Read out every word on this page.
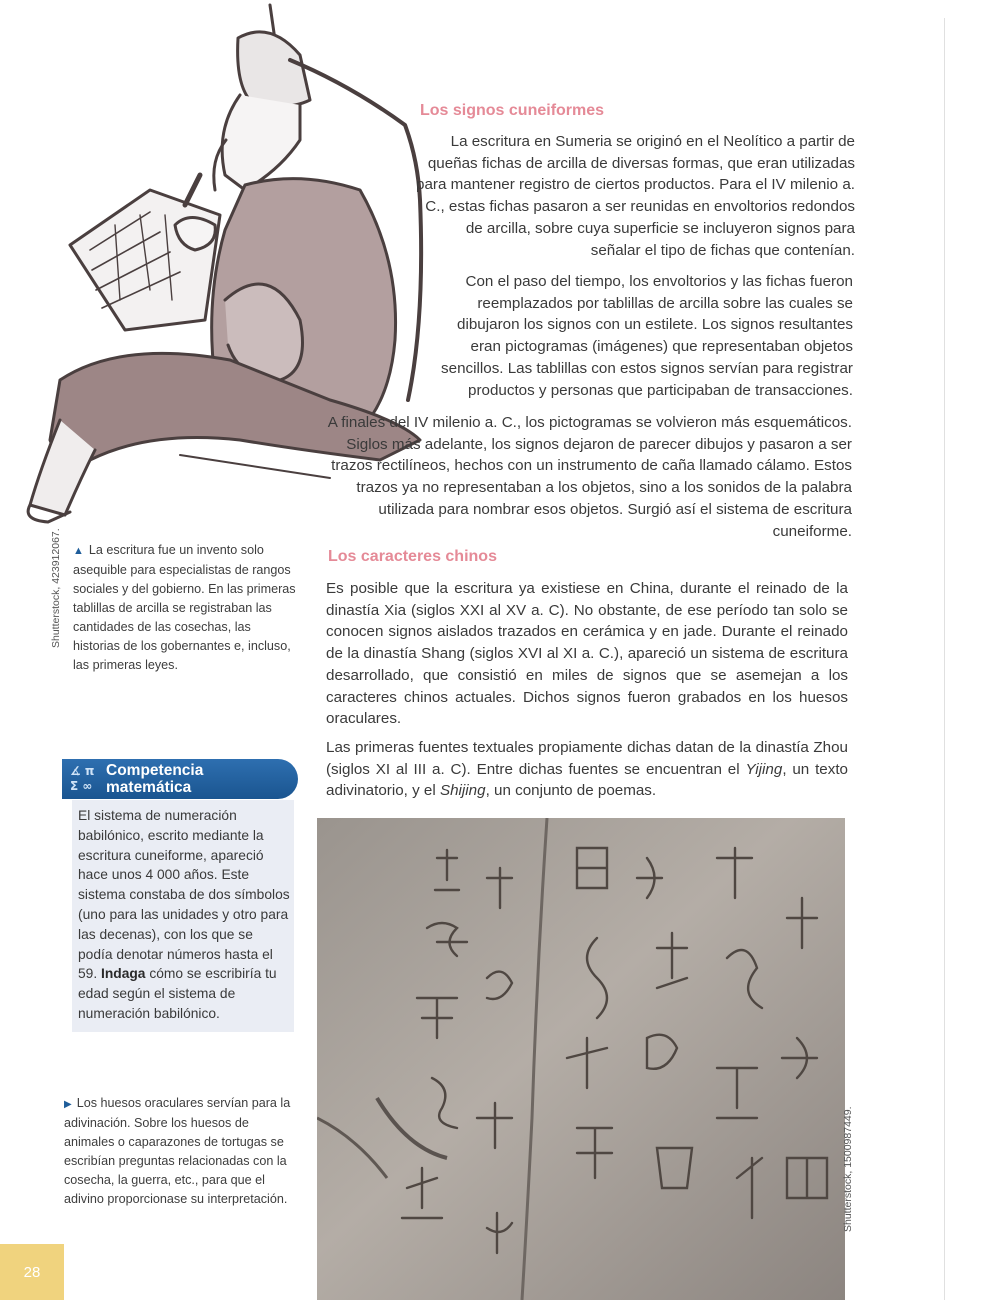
Los signos cuneiformes

La escritura en Sumeria se originó en el Neolítico a partir de queñas fichas de arcilla de diversas formas, que eran utilizadas para mantener registro de ciertos productos. Para el IV milenio a. C., estas fichas pasaron a ser reunidas en envoltorios redondos de arcilla, sobre cuya superficie se incluyeron signos para señalar el tipo de fichas que contenían.

Con el paso del tiempo, los envoltorios y las fichas fueron reemplazados por tablillas de arcilla sobre las cuales se dibujaron los signos con un estilete. Los signos resultantes eran pictogramas (imágenes) que representaban objetos sencillos. Las tablillas con estos signos servían para registrar productos y personas que participaban de transacciones.

A finales del IV milenio a. C., los pictogramas se volvieron más esquemáticos. Siglos más adelante, los signos dejaron de parecer dibujos y pasaron a ser trazos rectilíneos, hechos con un instrumento de caña llamado cálamo. Estos trazos ya no representaban a los objetos, sino a los sonidos de la palabra utilizada para nombrar esos objetos. Surgió así el sistema de escritura cuneiforme.

Los caracteres chinos

Es posible que la escritura ya existiese en China, durante el reinado de la dinastía Xia (siglos XXI al XV a. C). No obstante, de ese período tan solo se conocen signos aislados trazados en cerámica y en jade. Durante el reinado de la dinastía Shang (siglos XVI al XI a. C.), apareció un sistema de escritura desarrollado, que consistió en miles de signos que se asemejan a los caracteres chinos actuales. Dichos signos fueron grabados en los huesos oraculares.

Las primeras fuentes textuales propiamente dichas datan de la dinastía Zhou (siglos XI al III a. C). Entre dichas fuentes se encuentran el Yijing, un texto adivinatorio, y el Shijing, un conjunto de poemas.

Shutterstock, 423912067. ▲ La escritura fue un invento solo asequible para especialistas de rangos sociales y del gobierno. En las primeras tablillas de arcilla se registraban las cantidades de las cosechas, las historias de los gobernantes e, incluso, las primeras leyes.

∡ π
Σ ∞
Competencia
matemática

El sistema de numeración babilónico, escrito mediante la escritura cuneiforme, apareció hace unos 4 000 años. Este sistema constaba de dos símbolos (uno para las unidades y otro para las decenas), con los que se podía denotar números hasta el 59. Indaga cómo se escribiría tu edad según el sistema de numeración babilónico.

▶ Los huesos oraculares servían para la adivinación. Sobre los huesos de animales o caparazones de tortugas se escribían preguntas relacionadas con la cosecha, la guerra, etc., para que el adivino proporcionase su interpretación.	Shutterstock, 1500987449.
28
